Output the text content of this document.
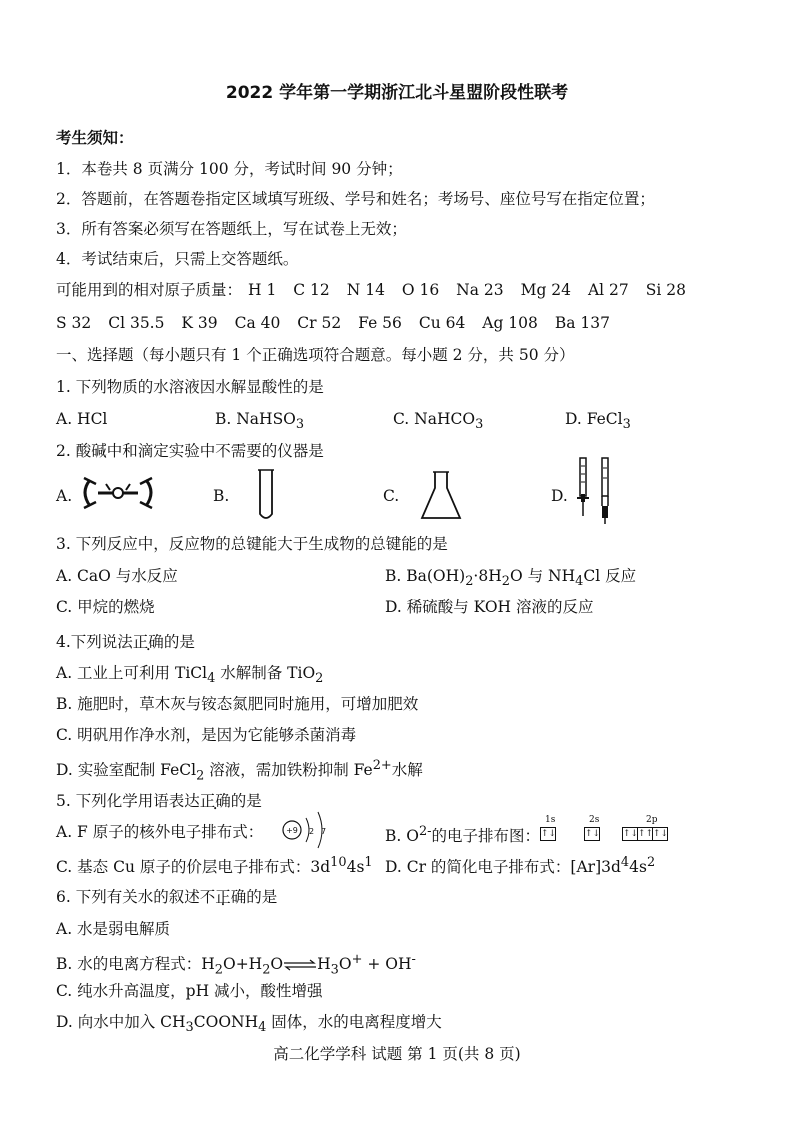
2022 学年第一学期浙江北斗星盟阶段性联考
考生须知：
1．本卷共 8 页满分 100 分，考试时间 90 分钟；
2．答题前，在答题卷指定区域填写班级、学号和姓名；考场号、座位号写在指定位置；
3．所有答案必须写在答题纸上，写在试卷上无效；
4．考试结束后，只需上交答题纸。
可能用到的相对原子质量： H 1 C 12 N 14 O 16 Na 23 Mg 24 Al 27 Si 28
S 32 Cl 35.5 K 39 Ca 40 Cr 52 Fe 56 Cu 64 Ag 108 Ba 137
一、选择题（每小题只有 1 个正确选项符合题意。每小题 2 分，共 50 分）
1. 下列物质的水溶液因水解显酸性的是
A. HCl	B. NaHSO$_3$	C. NaHCO$_3$	D. FeCl$_3$
2. 酸碱中和滴定实验中不需要的仪器是
A.	B.	C.	D.
3. 下列反应中，反应物的总键能大于生成物的总键能的是
A. CaO 与水反应	B. $Ba(OH)_2\cdot 8H_2O$ 与 $NH_4Cl$ 反应
C. 甲烷的燃烧	D. 稀硫酸与 KOH 溶液的反应
4.下列说法正确的是
A. 工业上可利用 TiCl$_4$ 水解制备 TiO$_2$
B. 施肥时，草木灰与铵态氮肥同时施用，可增加肥效
C. 明矾用作净水剂，是因为它能够杀菌消毒
D. 实验室配制 FeCl$_2$ 溶液，需加铁粉抑制 $Fe^{2+}$水解
5. 下列化学用语表达正确的是
A. F 原子的核外电子排布式：	+9 2 7	B. $O^{2-}$的电子排布图：
1s	2s	2p
↑↓	↑↓	↑↓↑↑↑↓
C. 基态 Cu 原子的价层电子排布式：$3d^{10}4s^1$ D. Cr 的简化电子排布式：$[Ar]3d^44s^2$
6. 下列有关水的叙述不正确的是
A. 水是弱电解质
B. 水的电离方程式：$H_2O+H_2O\rightleftharpoons H_3O^+ + OH^-$
C. 纯水升高温度，pH 减小，酸性增强
D. 向水中加入 $CH_3COONH_4$ 固体，水的电离程度增大
高二化学学科 试题 第 1 页(共 8 页)
